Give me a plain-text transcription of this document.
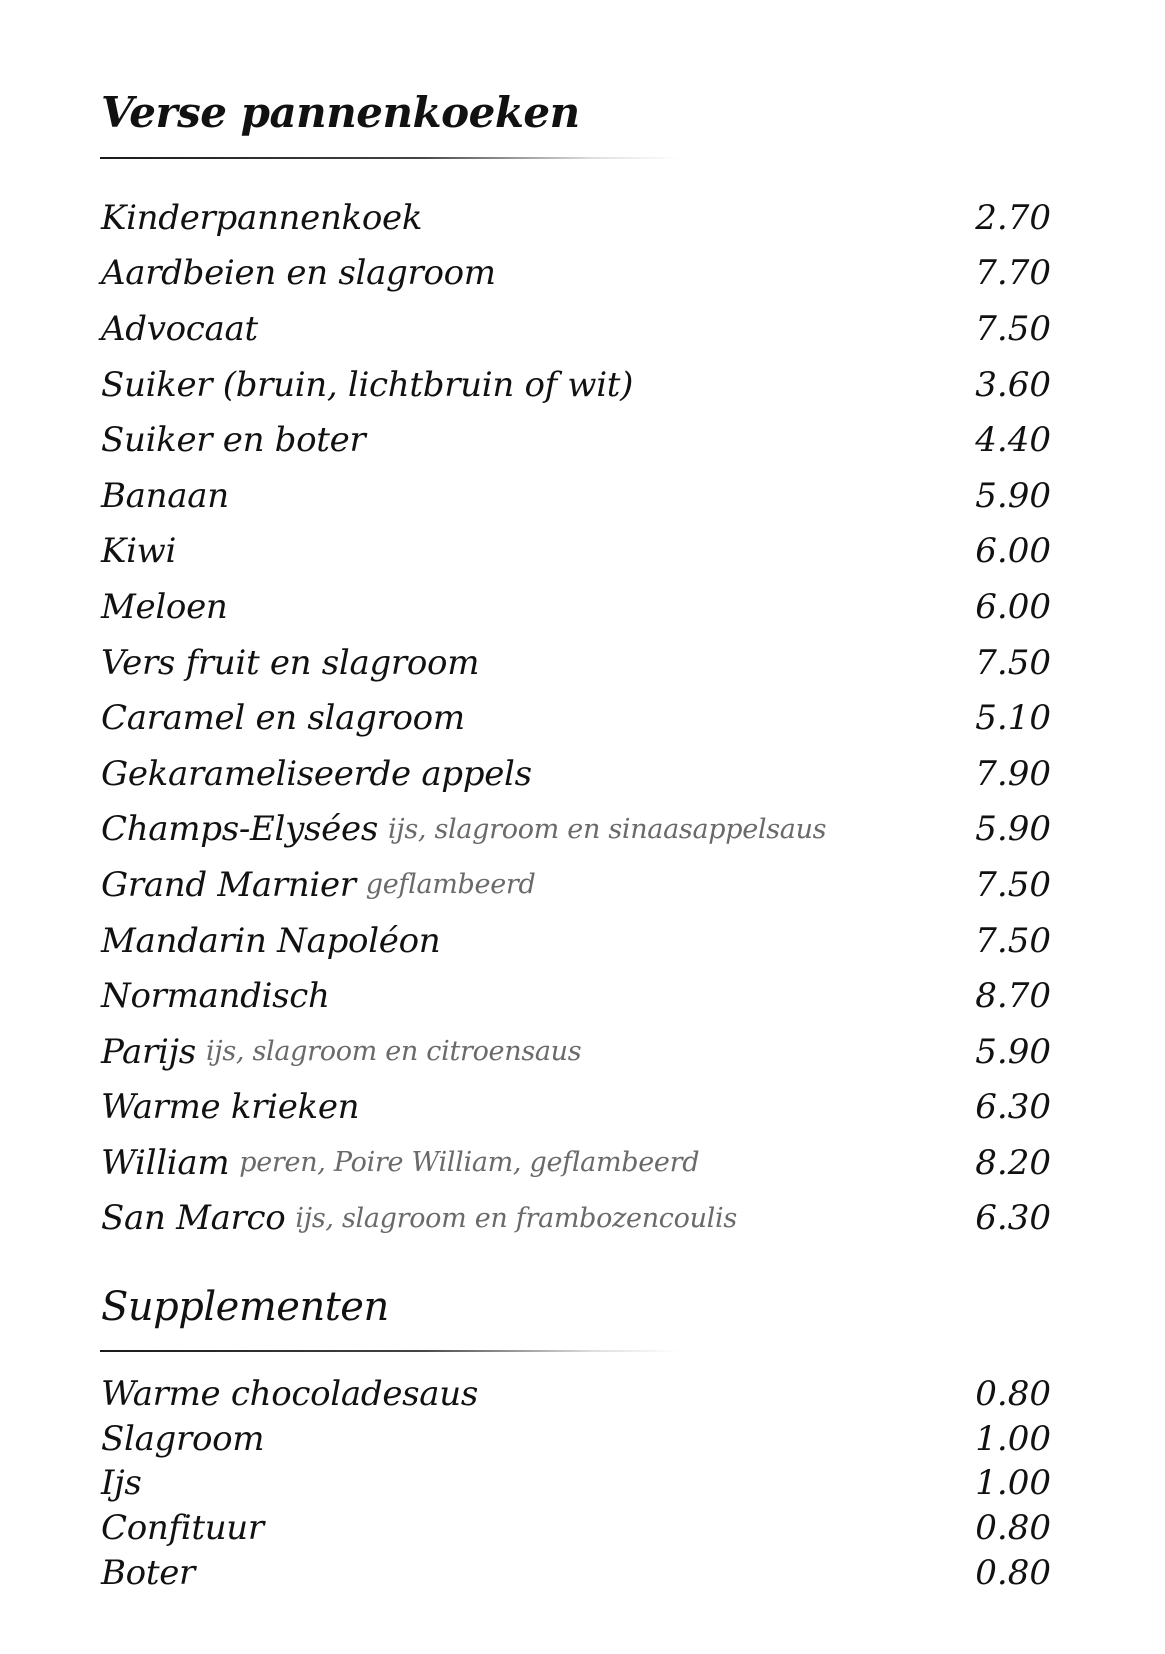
Verse pannenkoeken
Kinderpannenkoek	2.70
Aardbeien en slagroom	7.70
Advocaat	7.50
Suiker (bruin, lichtbruin of wit)	3.60
Suiker en boter	4.40
Banaan	5.90
Kiwi	6.00
Meloen	6.00
Vers fruit en slagroom	7.50
Caramel en slagroom	5.10
Gekarameliseerde appels	7.90
Champs-Elysées ijs, slagroom en sinaasappelsaus	5.90
Grand Marnier geflambeerd	7.50
Mandarin Napoléon	7.50
Normandisch	8.70
Parijs ijs, slagroom en citroensaus	5.90
Warme krieken	6.30
William peren, Poire William, geflambeerd	8.20
San Marco ijs, slagroom en frambozencoulis	6.30
Supplementen
Warme chocoladesaus	0.80
Slagroom	1.00
Ijs	1.00
Confituur	0.80
Boter	0.80
